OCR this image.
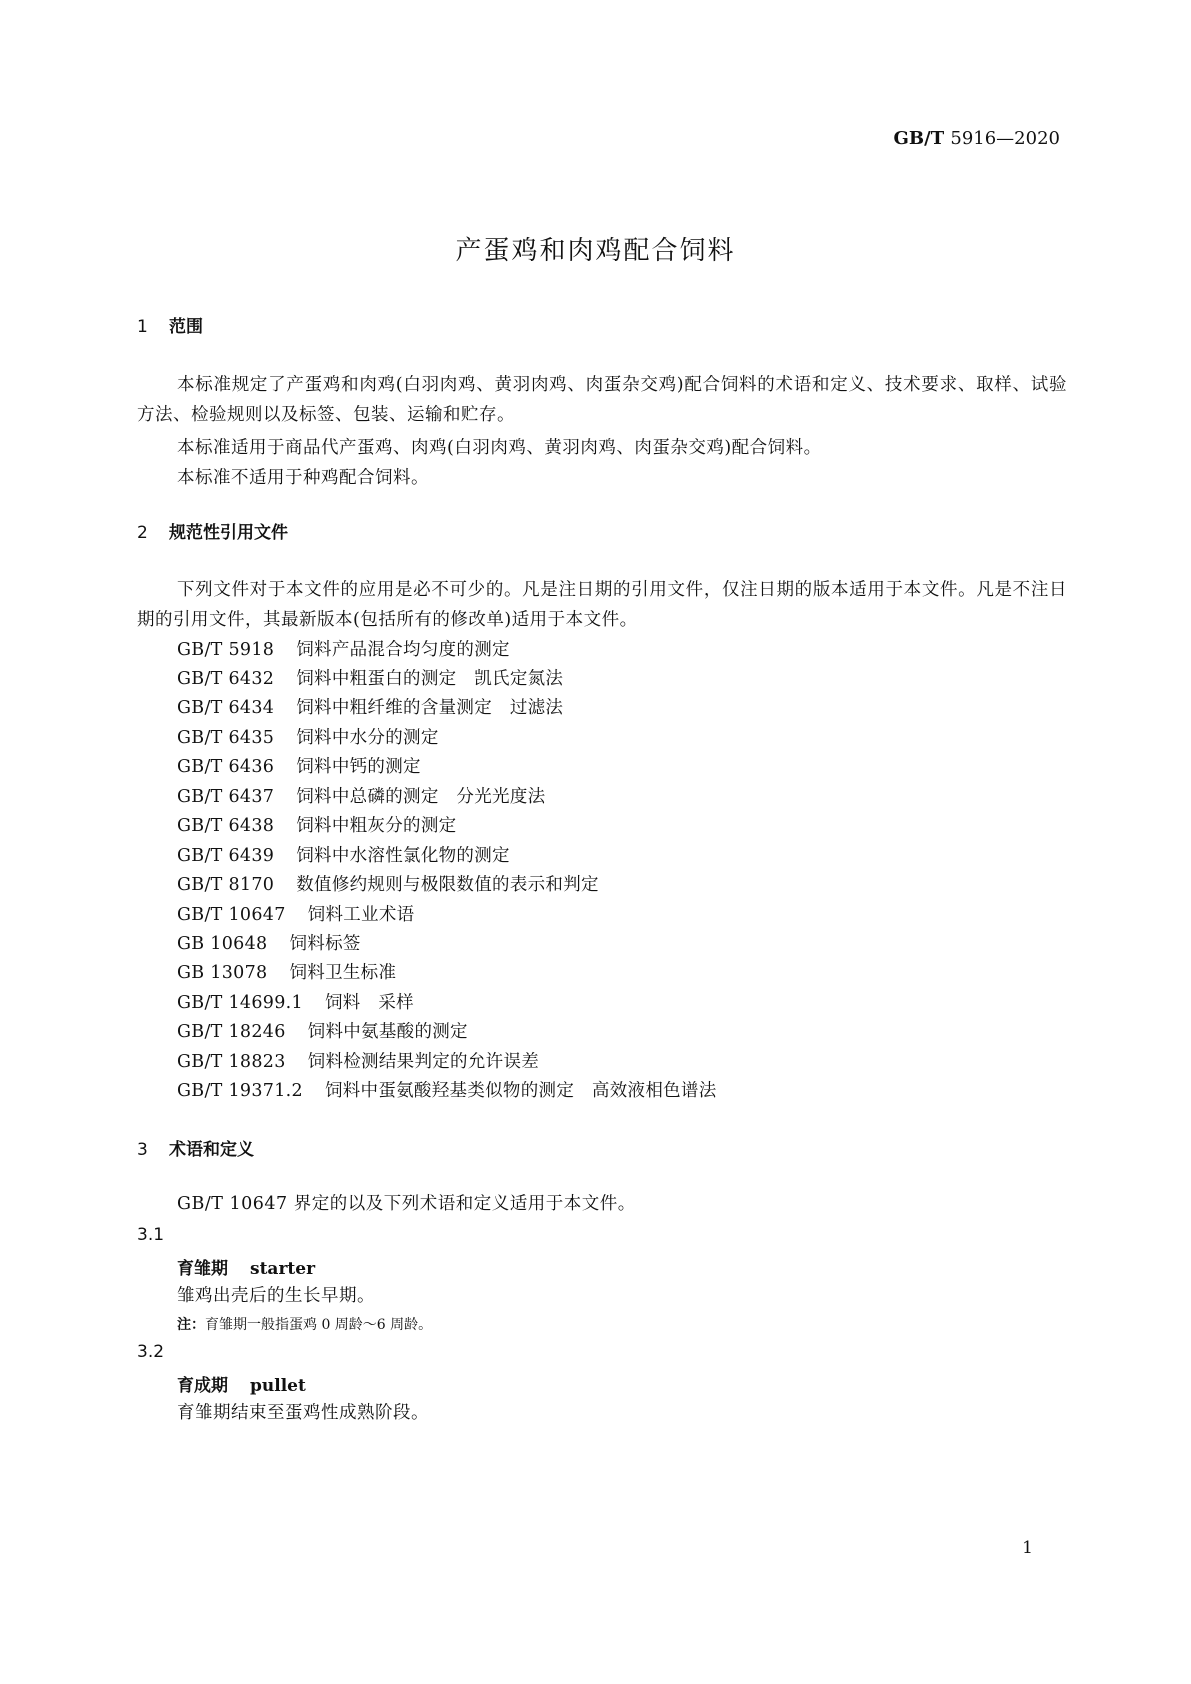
GB/T 5916—2020
产蛋鸡和肉鸡配合饲料
1 范围
本标准规定了产蛋鸡和肉鸡(白羽肉鸡、黄羽肉鸡、肉蛋杂交鸡)配合饲料的术语和定义、技术要求、取样、试验方法、检验规则以及标签、包装、运输和贮存。
本标准适用于商品代产蛋鸡、肉鸡(白羽肉鸡、黄羽肉鸡、肉蛋杂交鸡)配合饲料。
本标准不适用于种鸡配合饲料。
2 规范性引用文件
下列文件对于本文件的应用是必不可少的。凡是注日期的引用文件，仅注日期的版本适用于本文件。凡是不注日期的引用文件，其最新版本(包括所有的修改单)适用于本文件。
GB/T 5918 饲料产品混合均匀度的测定
GB/T 6432 饲料中粗蛋白的测定　凯氏定氮法
GB/T 6434 饲料中粗纤维的含量测定　过滤法
GB/T 6435 饲料中水分的测定
GB/T 6436 饲料中钙的测定
GB/T 6437 饲料中总磷的测定　分光光度法
GB/T 6438 饲料中粗灰分的测定
GB/T 6439 饲料中水溶性氯化物的测定
GB/T 8170 数值修约规则与极限数值的表示和判定
GB/T 10647 饲料工业术语
GB 10648 饲料标签
GB 13078 饲料卫生标准
GB/T 14699.1 饲料　采样
GB/T 18246 饲料中氨基酸的测定
GB/T 18823 饲料检测结果判定的允许误差
GB/T 19371.2 饲料中蛋氨酸羟基类似物的测定　高效液相色谱法
3 术语和定义
GB/T 10647 界定的以及下列术语和定义适用于本文件。
3.1
育雏期 starter
雏鸡出壳后的生长早期。
注：育雏期一般指蛋鸡 0 周龄～6 周龄。
3.2
育成期 pullet
育雏期结束至蛋鸡性成熟阶段。
1
